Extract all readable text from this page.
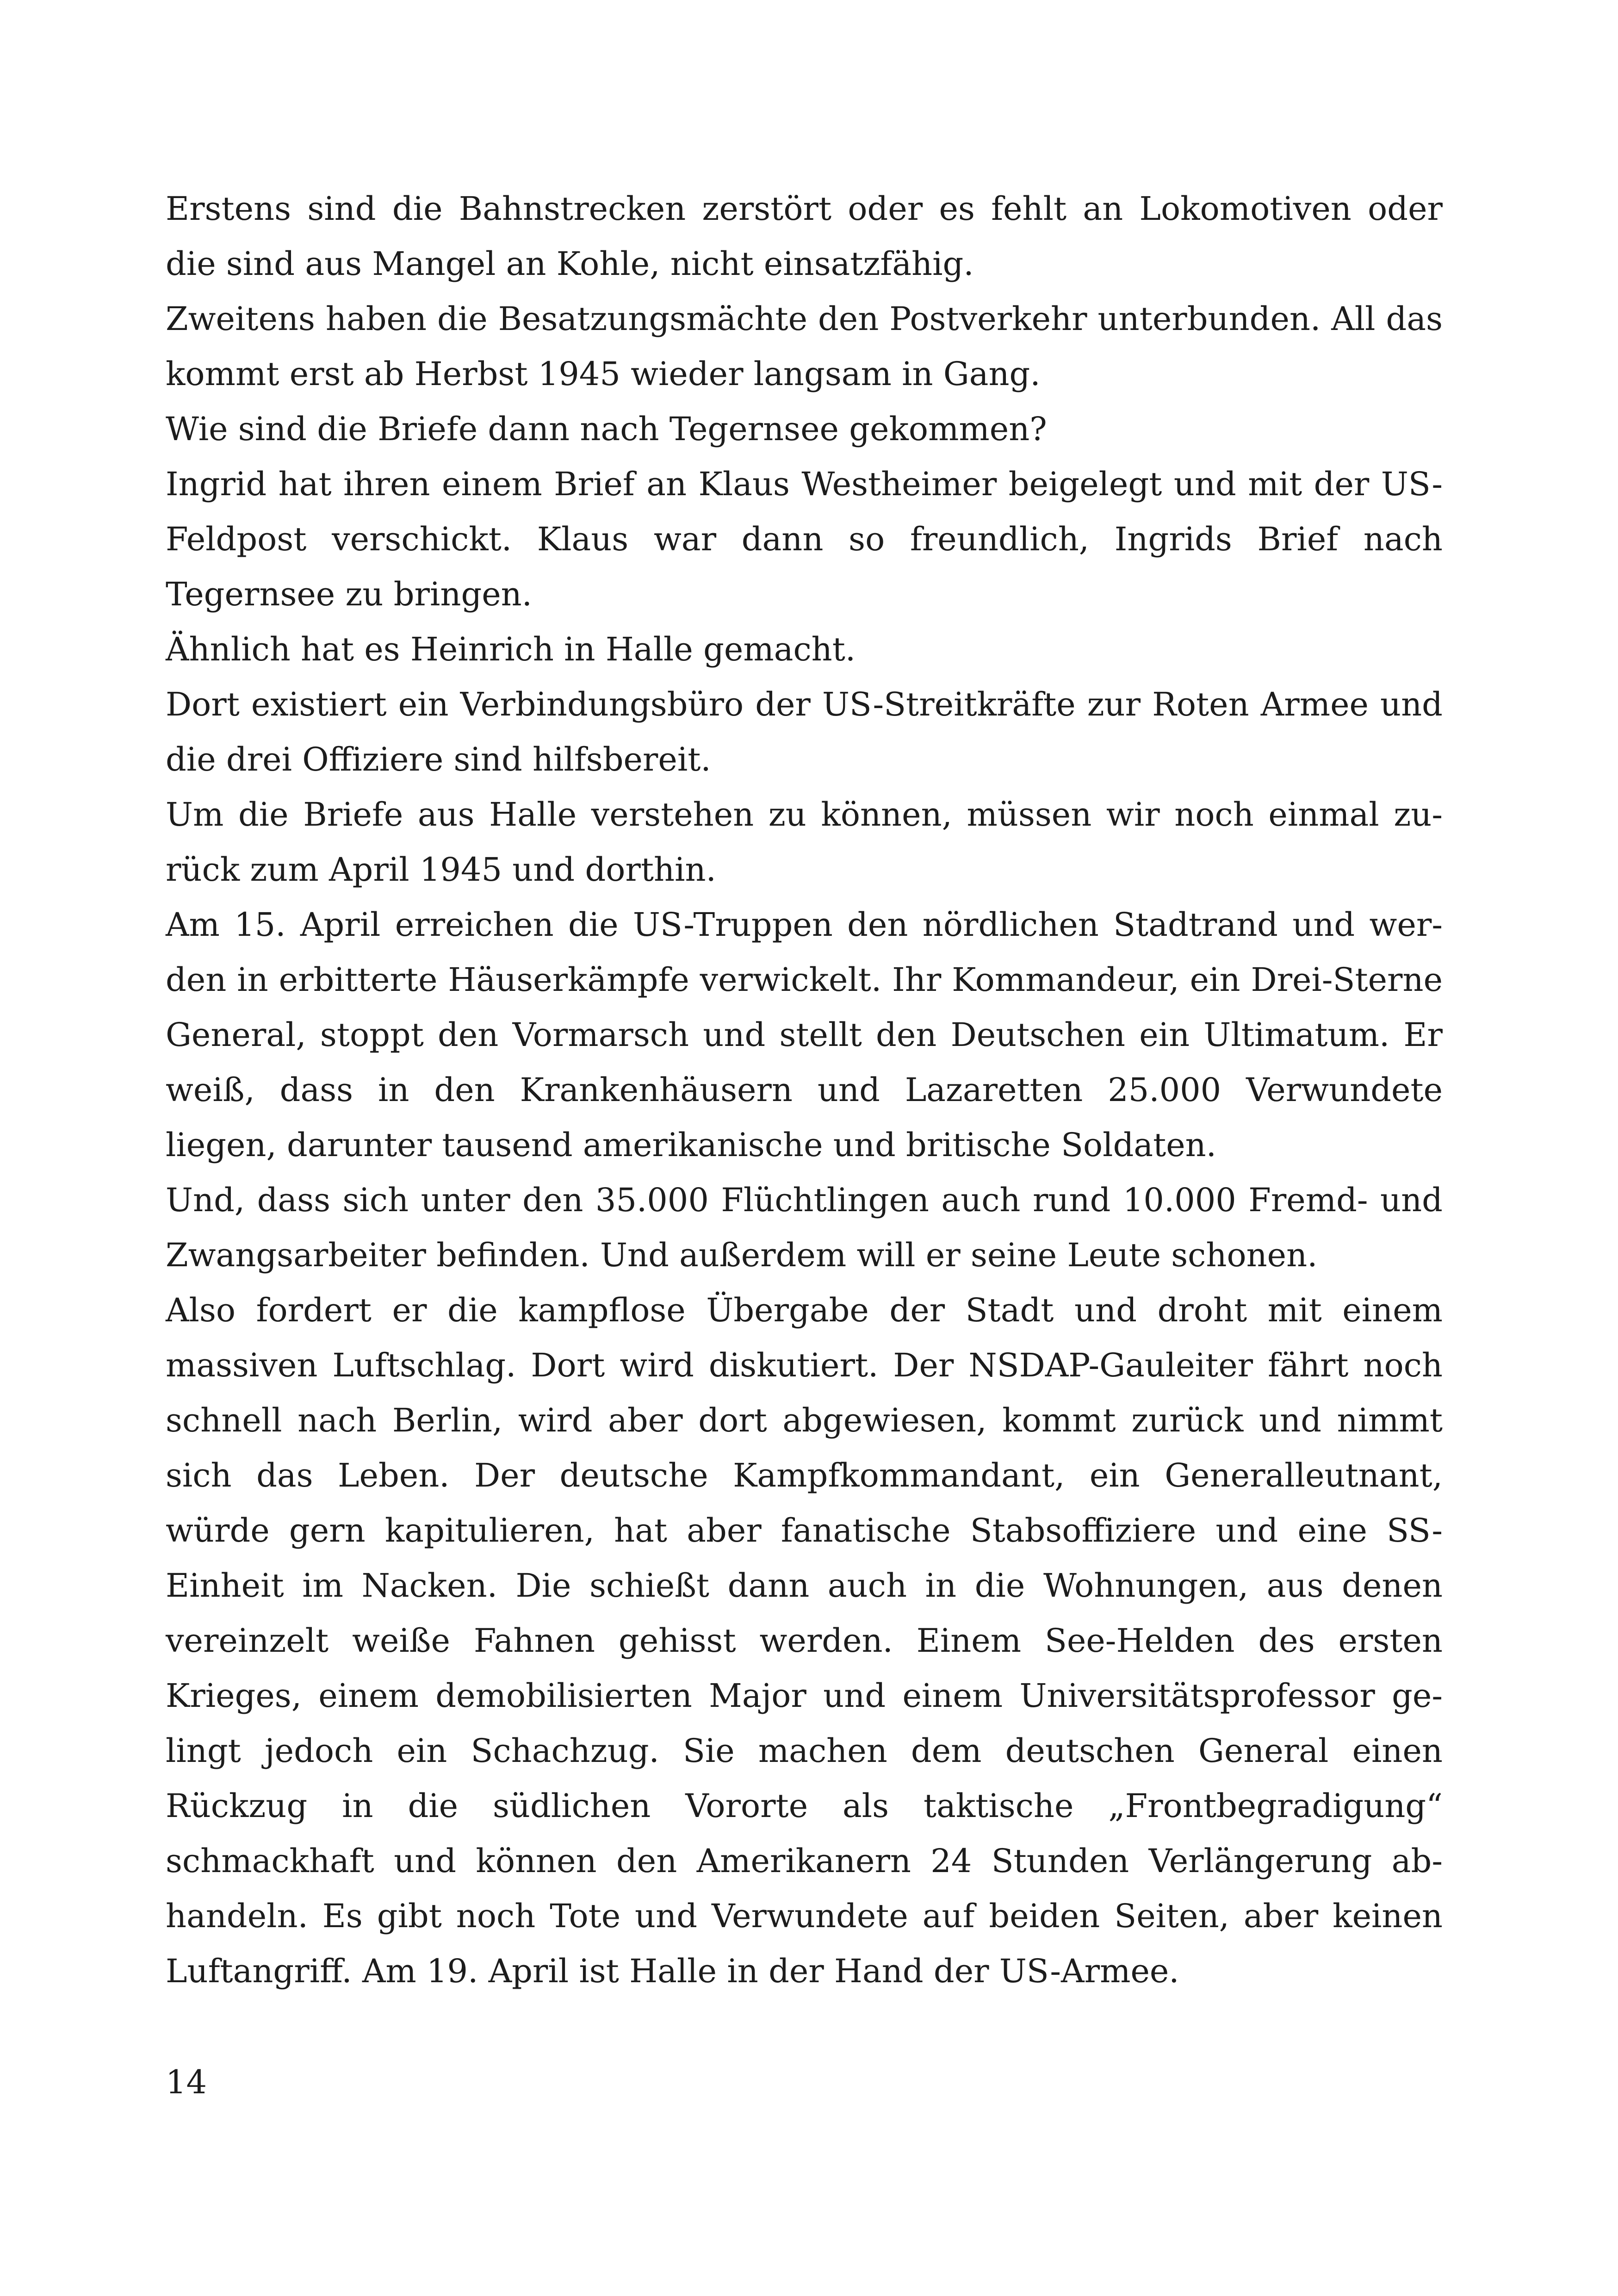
Erstens sind die Bahnstrecken zerstört oder es fehlt an Lokomotiven oder die sind aus Mangel an Kohle, nicht einsatzfähig.

Zweitens haben die Besatzungsmächte den Postverkehr unterbunden. All das kommt erst ab Herbst 1945 wieder langsam in Gang.

Wie sind die Briefe dann nach Tegernsee gekommen?

Ingrid hat ihren einem Brief an Klaus Westheimer beigelegt und mit der US-Feldpost verschickt. Klaus war dann so freundlich, Ingrids Brief nach Tegernsee zu bringen.

Ähnlich hat es Heinrich in Halle gemacht.

Dort existiert ein Verbindungsbüro der US-Streitkräfte zur Roten Armee und die drei Offiziere sind hilfsbereit.

Um die Briefe aus Halle verstehen zu können, müssen wir noch einmal zurück zum April 1945 und dorthin.

Am 15. April erreichen die US-Truppen den nördlichen Stadtrand und werden in erbitterte Häuserkämpfe verwickelt. Ihr Kommandeur, ein Drei-Sterne General, stoppt den Vormarsch und stellt den Deutschen ein Ultimatum. Er weiß, dass in den Krankenhäusern und Lazaretten 25.000 Verwundete liegen, darunter tausend amerikanische und britische Soldaten.

Und, dass sich unter den 35.000 Flüchtlingen auch rund 10.000 Fremd- und Zwangsarbeiter befinden. Und außerdem will er seine Leute schonen.

Also fordert er die kampflose Übergabe der Stadt und droht mit einem massiven Luftschlag. Dort wird diskutiert. Der NSDAP-Gauleiter fährt noch schnell nach Berlin, wird aber dort abgewiesen, kommt zurück und nimmt sich das Leben. Der deutsche Kampfkommandant, ein Generalleutnant, würde gern kapitulieren, hat aber fanatische Stabsoffiziere und eine SS-Einheit im Nacken. Die schießt dann auch in die Wohnungen, aus denen vereinzelt weiße Fahnen gehisst werden. Einem See-Helden des ersten Krieges, einem demobilisierten Major und einem Universitätsprofessor gelingt jedoch ein Schachzug. Sie machen dem deutschen General einen Rückzug in die südlichen Vororte als taktische „Frontbegradigung“ schmackhaft und können den Amerikanern 24 Stunden Verlängerung abhandeln. Es gibt noch Tote und Verwundete auf beiden Seiten, aber keinen Luftangriff. Am 19. April ist Halle in der Hand der US-Armee.

14
